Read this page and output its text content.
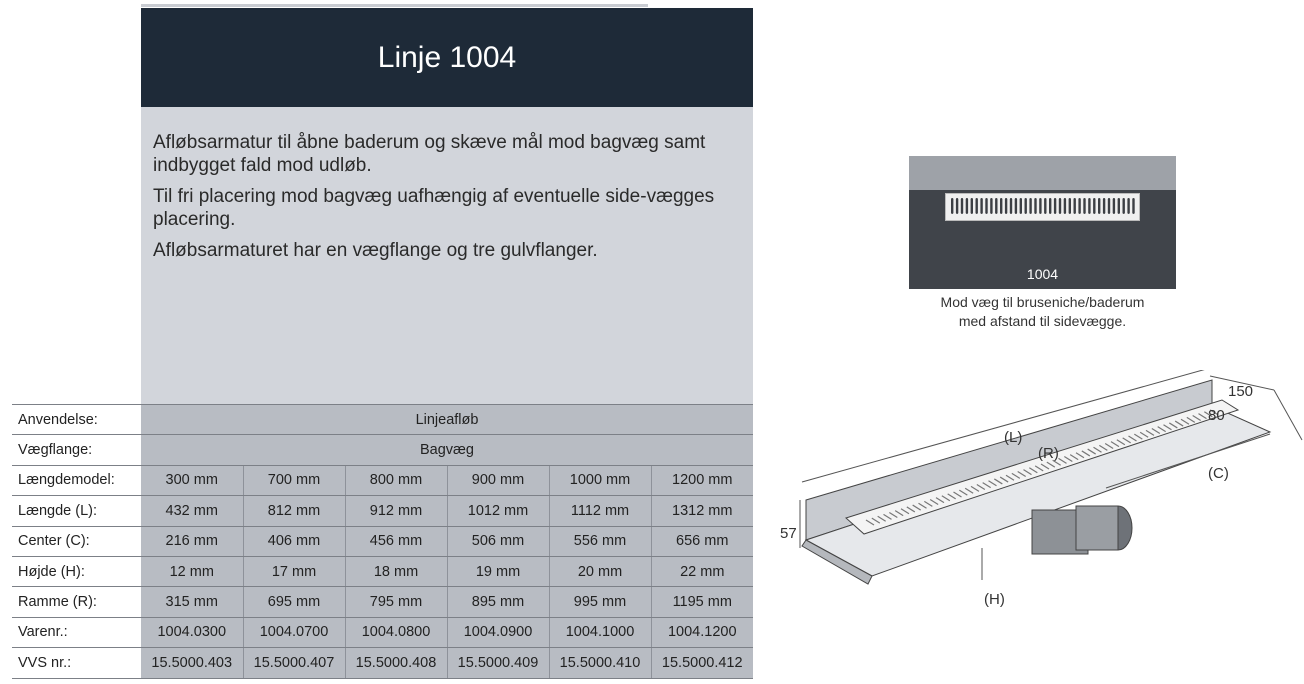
Linje 1004

Afløbsarmatur til åbne baderum og skæve mål mod bagvæg samt indbygget fald mod udløb.

Til fri placering mod bagvæg uafhængig af eventuelle side-vægges placering.

Afløbsarmaturet har en vægflange og tre gulvflanger.

Anvendelse:	Linjeafløb					
Vægflange:	Bagvæg					
Længdemodel:	300 mm	700 mm	800 mm	900 mm	1000 mm	1200 mm
Længde (L):	432 mm	812 mm	912 mm	1012 mm	1112 mm	1312 mm
Center (C):	216 mm	406 mm	456 mm	506 mm	556 mm	656 mm
Højde (H):	12 mm	17 mm	18 mm	19 mm	20 mm	22 mm
Ramme (R):	315 mm	695 mm	795 mm	895 mm	995 mm	1195 mm
Varenr.:	1004.0300	1004.0700	1004.0800	1004.0900	1004.1000	1004.1200
VVS nr.:	15.5000.403	15.5000.407	15.5000.408	15.5000.409	15.5000.410	15.5000.412
1004
Mod væg til bruseniche/baderum
med afstand til sidevægge.
150
80
(L)
(R)
(C)
57
(H)
